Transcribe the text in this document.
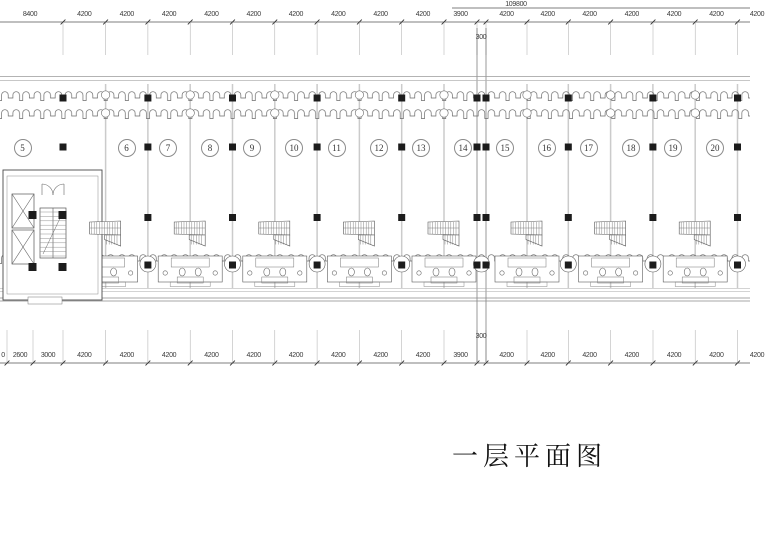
8400	4200	4200	4200	4200	4200	4200	4200	4200	4200	3900	4200	4200	4200	4200	4200	4200	4200
0	2600	3000	4200	4200	4200	4200	4200	4200	4200	4200	4200	3900	4200	4200	4200	4200	4200	4200	4200
109800
300
300
5	6	7	8	9	10	11	12	13	14	15	16	17	18	19	20
一层平面图
